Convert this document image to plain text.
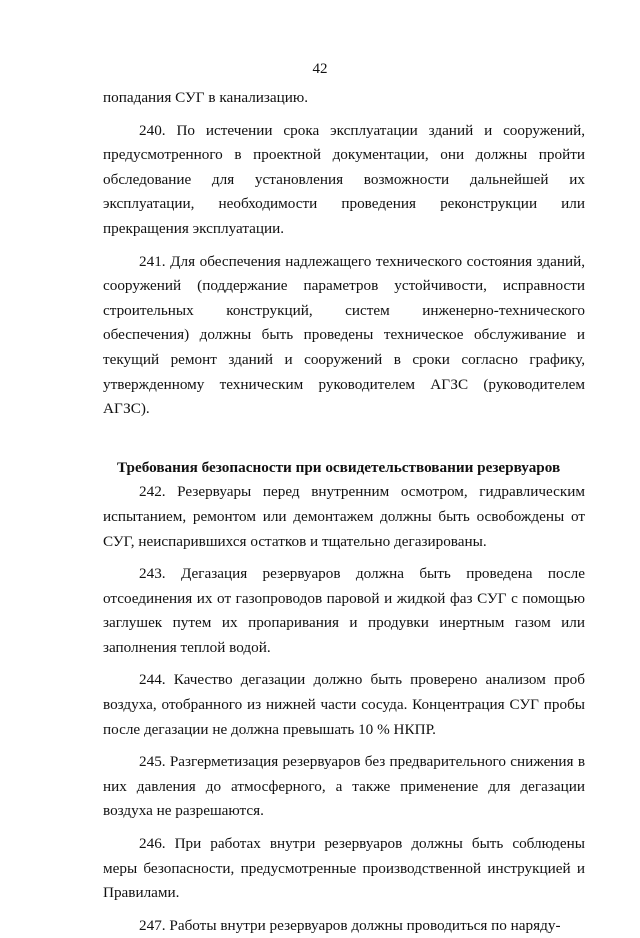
42

попадания СУГ в канализацию.

240. По истечении срока эксплуатации зданий и сооружений, предусмотренного в проектной документации, они должны пройти обследование для установления возможности дальнейшей их эксплуатации, необходимости проведения реконструкции или прекращения эксплуатации.

241. Для обеспечения надлежащего технического состояния зданий, сооружений (поддержание параметров устойчивости, исправности строительных конструкций, систем инженерно-технического обеспечения) должны быть проведены техническое обслуживание и текущий ремонт зданий и сооружений в сроки согласно графику, утвержденному техническим руководителем АГЗС (руководителем АГЗС).

Требования безопасности при освидетельствовании резервуаров

242. Резервуары перед внутренним осмотром, гидравлическим испытанием, ремонтом или демонтажем должны быть освобождены от СУГ, неиспарившихся остатков и тщательно дегазированы.

243. Дегазация резервуаров должна быть проведена после отсоединения их от газопроводов паровой и жидкой фаз СУГ с помощью заглушек путем их пропаривания и продувки инертным газом или заполнения теплой водой.

244. Качество дегазации должно быть проверено анализом проб воздуха, отобранного из нижней части сосуда. Концентрация СУГ пробы после дегазации не должна превышать 10 % НКПР.

245. Разгерметизация резервуаров без предварительного снижения в них давления до атмосферного, а также применение для дегазации воздуха не разрешаются.

246. При работах внутри резервуаров должны быть соблюдены меры безопасности, предусмотренные производственной инструкцией и Правилами.

247. Работы внутри резервуаров должны проводиться по наряду-
